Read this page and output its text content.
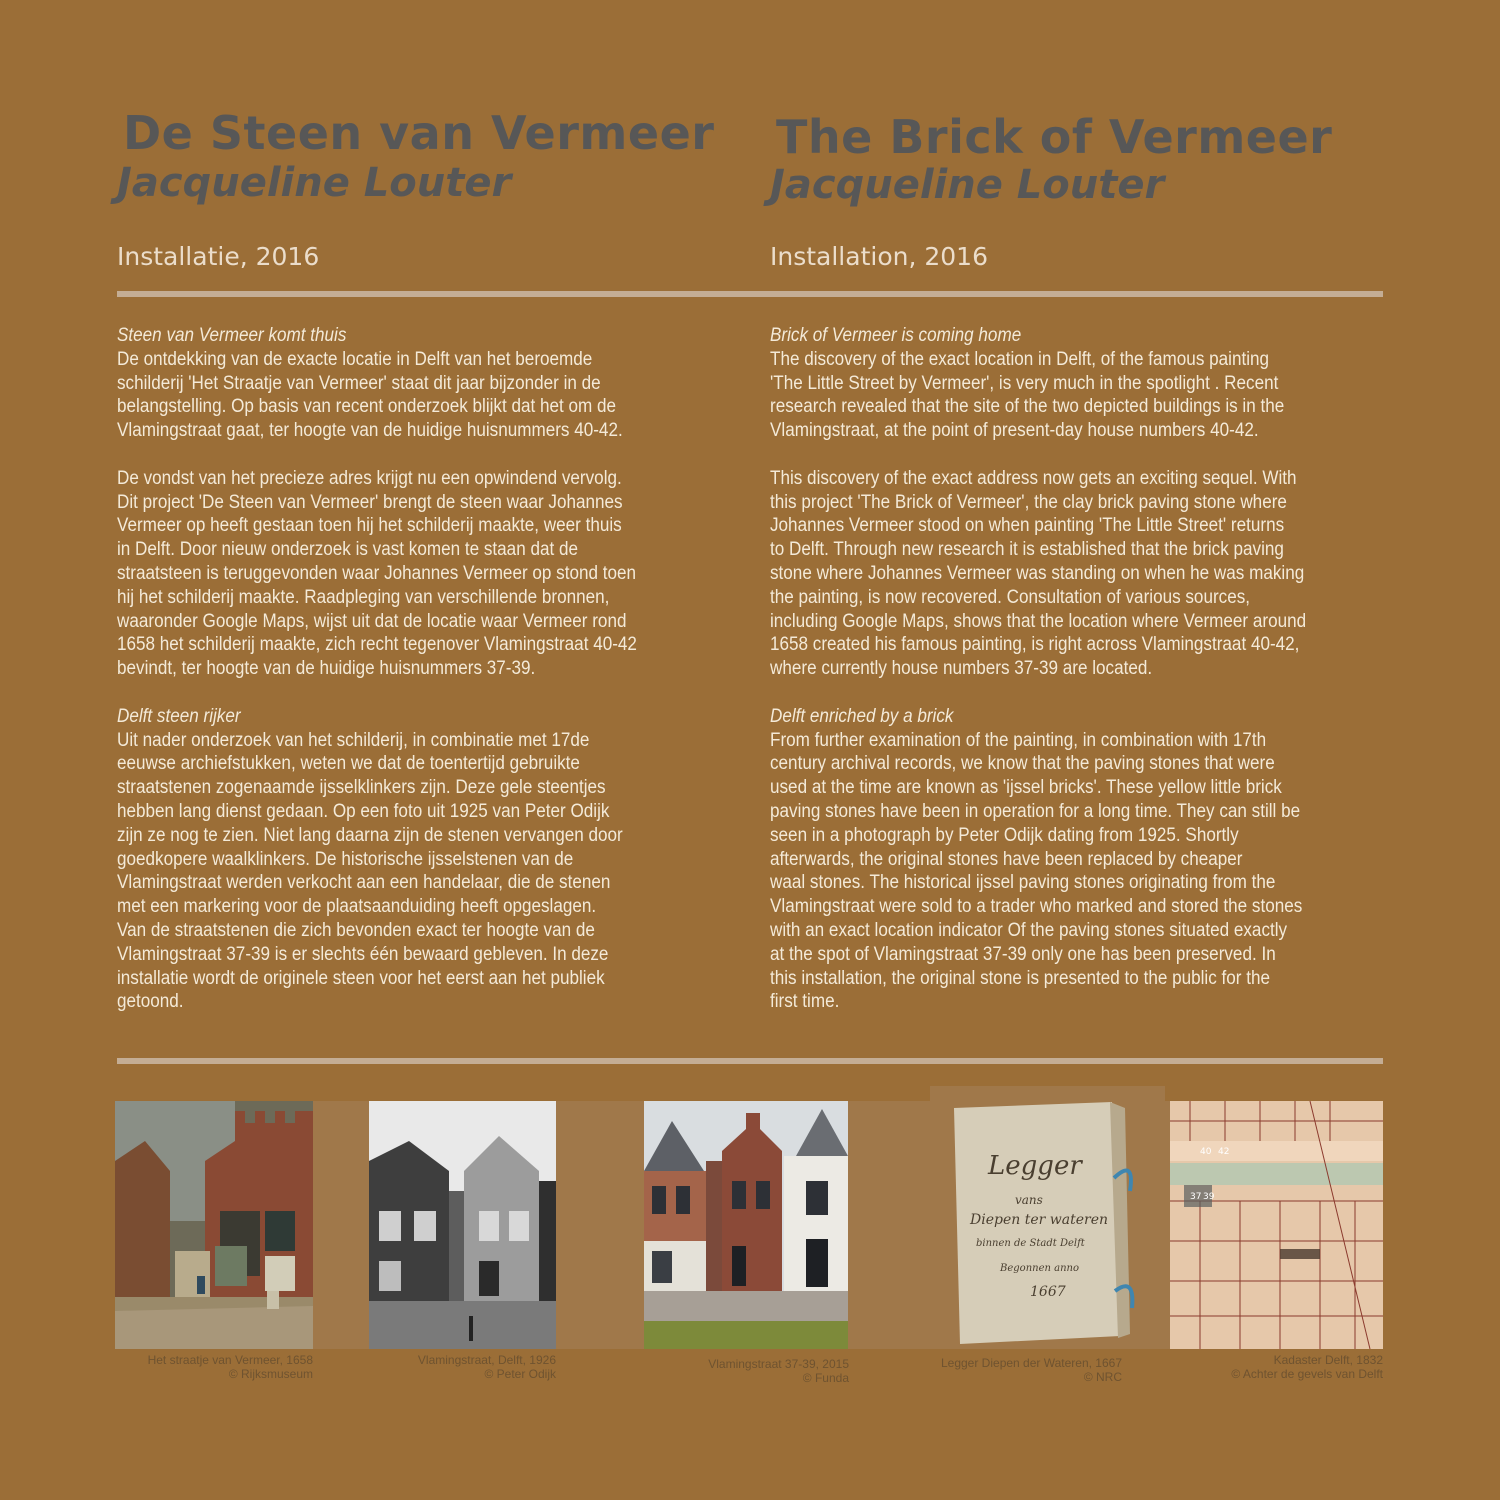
De Steen van Vermeer
Jacqueline Louter
Installatie, 2016

Steen van Vermeer komt thuis
De ontdekking van de exacte locatie in Delft van het beroemde
schilderij 'Het Straatje van Vermeer' staat dit jaar bijzonder in de
belangstelling. Op basis van recent onderzoek blijkt dat het om de
Vlamingstraat gaat, ter hoogte van de huidige huisnummers 40-42.

De vondst van het precieze adres krijgt nu een opwindend vervolg.
Dit project 'De Steen van Vermeer' brengt de steen waar Johannes
Vermeer op heeft gestaan toen hij het schilderij maakte, weer thuis
in Delft. Door nieuw onderzoek is vast komen te staan dat de
straatsteen is teruggevonden waar Johannes Vermeer op stond toen
hij het schilderij maakte. Raadpleging van verschillende bronnen,
waaronder Google Maps, wijst uit dat de locatie waar Vermeer rond
1658 het schilderij maakte, zich recht tegenover Vlamingstraat 40-42
bevindt, ter hoogte van de huidige huisnummers 37-39.

Delft steen rijker
Uit nader onderzoek van het schilderij, in combinatie met 17de
eeuwse archiefstukken, weten we dat de toentertijd gebruikte
straatstenen zogenaamde ijsselklinkers zijn. Deze gele steentjes
hebben lang dienst gedaan. Op een foto uit 1925 van Peter Odijk
zijn ze nog te zien. Niet lang daarna zijn de stenen vervangen door
goedkopere waalklinkers. De historische ijsselstenen van de
Vlamingstraat werden verkocht aan een handelaar, die de stenen
met een markering voor de plaatsaanduiding heeft opgeslagen.
Van de straatstenen die zich bevonden exact ter hoogte van de
Vlamingstraat 37-39 is er slechts één bewaard gebleven. In deze
installatie wordt de originele steen voor het eerst aan het publiek
getoond.

The Brick of Vermeer
Jacqueline Louter
Installation, 2016

Brick of Vermeer is coming home
The discovery of the exact location in Delft, of the famous painting
'The Little Street by Vermeer', is very much in the spotlight . Recent
research revealed that the site of the two depicted buildings is in the
Vlamingstraat, at the point of present-day house numbers 40-42.

This discovery of the exact address now gets an exciting sequel. With
this project 'The Brick of Vermeer', the clay brick paving stone where
Johannes Vermeer stood on when painting 'The Little Street' returns
to Delft. Through new research it is established that the brick paving
stone where Johannes Vermeer was standing on when he was making
the painting, is now recovered. Consultation of various sources,
including Google Maps, shows that the location where Vermeer around
1658 created his famous painting, is right across Vlamingstraat 40-42,
where currently house numbers 37-39 are located.

Delft enriched by a brick
From further examination of the painting, in combination with 17th
century archival records, we know that the paving stones that were
used at the time are known as 'ijssel bricks'. These yellow little brick
paving stones have been in operation for a long time. They can still be
seen in a photograph by Peter Odijk dating from 1925. Shortly
afterwards, the original stones have been replaced by cheaper
waal stones. The historical ijssel paving stones originating from the
Vlamingstraat were sold to a trader who marked and stored the stones
with an exact location indicator Of the paving stones situated exactly
at the spot of Vlamingstraat 37-39 only one has been preserved. In
this installation, the original stone is presented to the public for the
first time.

Legger
vans
Diepen ter wateren
binnen de Stadt Delft
Begonnen anno
1667
40 42
37 39
Het straatje van Vermeer, 1658
© Rijksmuseum
Vlamingstraat, Delft, 1926
© Peter Odijk
Vlamingstraat 37-39, 2015
© Funda
Legger Diepen der Wateren, 1667
© NRC
Kadaster Delft, 1832
© Achter de gevels van Delft
